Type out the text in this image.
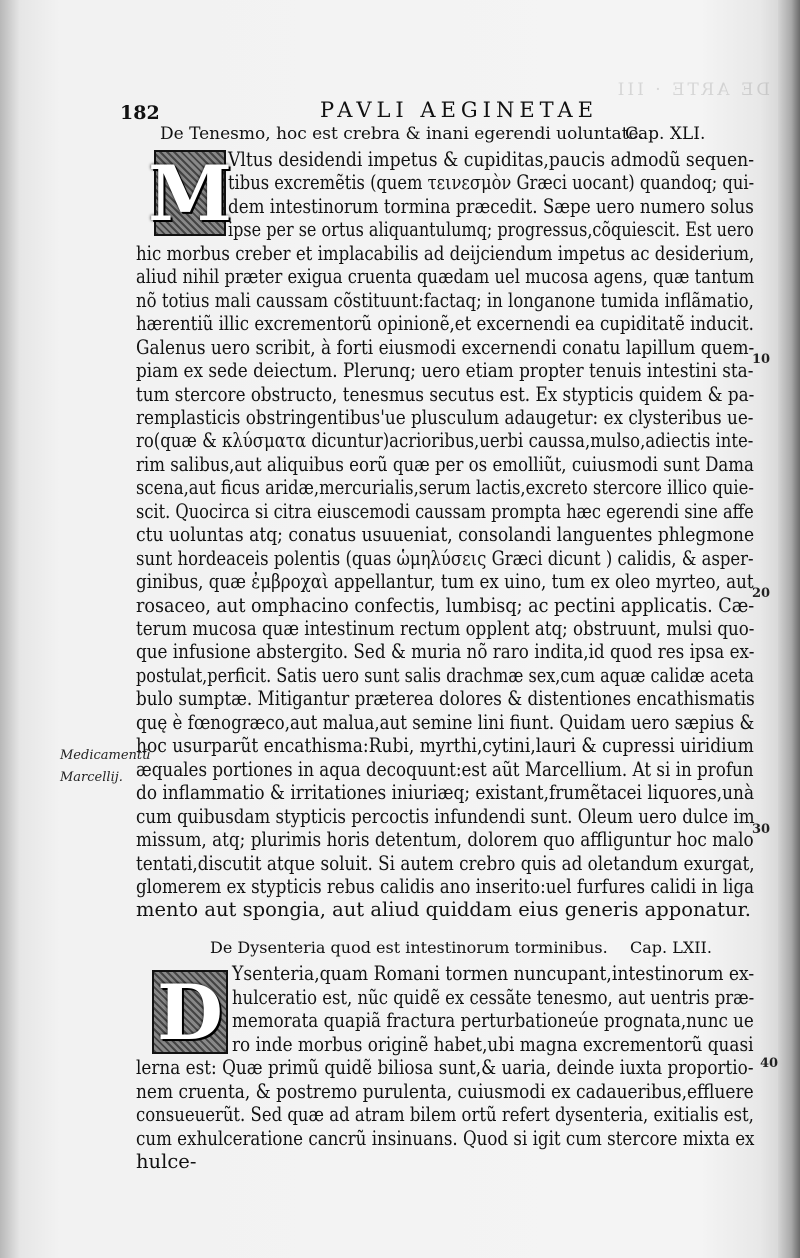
DE ARTE · III
182	PAVLI AEGINETAE
De Tenesmo, hoc est crebra & inani egerendi uoluntate.
Cap. XLI.
M
Vltus desidendi impetus & cupiditas,paucis admodũ sequen-
tibus excremẽtis (quem τεινεσμὸν Græci uocant) quandoq; qui-
dem intestinorum tormina præcedit. Sæpe uero numero solus
ipse per se ortus aliquantulumq; progressus,cõquiescit. Est uero
hic morbus creber et implacabilis ad deijciendum impetus ac desiderium,
aliud nihil præter exigua cruenta quædam uel mucosa agens, quæ tantum
nõ totius mali caussam cõstituunt:factaq; in longanone tumida inflãmatio,
hærentiũ illic excrementorũ opinionẽ,et excernendi ea cupiditatẽ inducit.
Galenus uero scribit, à forti eiusmodi excernendi conatu lapillum quem-
piam ex sede deiectum. Plerunq; uero etiam propter tenuis intestini sta-
tum stercore obstructo, tenesmus secutus est. Ex stypticis quidem & pa-
remplasticis obstringentibus'ue plusculum adaugetur: ex clysteribus ue-
ro(quæ & κλύσματα dicuntur)acrioribus,uerbi caussa,mulso,adiectis inte-
rim salibus,aut aliquibus eorũ quæ per os emolliũt, cuiusmodi sunt Dama
scena,aut ficus aridæ,mercurialis,serum lactis,excreto stercore illico quie-
scit. Quocirca si citra eiuscemodi caussam prompta hæc egerendi sine affe
ctu uoluntas atq; conatus usuueniat, consolandi languentes phlegmone
sunt hordeaceis polentis (quas ὡμηλύσεις Græci dicunt ) calidis, & asper-
ginibus, quæ ἐμβροχαὶ appellantur, tum ex uino, tum ex oleo myrteo, aut
rosaceo, aut omphacino confectis, lumbisq; ac pectini applicatis. Cæ-
terum mucosa quæ intestinum rectum opplent atq; obstruunt, mulsi quo-
que infusione abstergito. Sed & muria nõ raro indita,id quod res ipsa ex-
postulat,perficit. Satis uero sunt salis drachmæ sex,cum aquæ calidæ aceta
bulo sumptæ. Mitigantur præterea dolores & distentiones encathismatis
quę è fœnogræco,aut malua,aut semine lini fiunt. Quidam uero sæpius &
hoc usurparũt encathisma:Rubi, myrthi,cytini,lauri & cupressi uiridium
æquales portiones in aqua decoquunt:est aũt Marcellium. At si in profun
do inflammatio & irritationes iniuriæq; existant,frumẽtacei liquores,unà
cum quibusdam stypticis percoctis infundendi sunt. Oleum uero dulce im
missum, atq; plurimis horis detentum, dolorem quo affliguntur hoc malo
tentati,discutit atque soluit. Si autem crebro quis ad oletandum exurgat,
glomerem ex stypticis rebus calidis ano inserito:uel furfures calidi in liga
mento aut spongia, aut aliud quiddam eius generis apponatur.
Medicamentũ
Marcellij.
10
20
30
40
De Dysenteria quod est intestinorum torminibus. Cap. LXII.
D Ysenteria,quam Romani tormen nuncupant,intestinorum ex-
hulceratio est, nũc quidẽ ex cessãte tenesmo, aut uentris præ-
memorata quapiã fractura perturbationeúe prognata,nunc ue
ro inde morbus originẽ habet,ubi magna excrementorũ quasi
lerna est: Quæ primũ quidẽ biliosa sunt,& uaria, deinde iuxta proportio-
nem cruenta, & postremo purulenta, cuiusmodi ex cadaueribus,effluere
consueuerũt. Sed quæ ad atram bilem ortũ refert dysenteria, exitialis est,
cum exhulceratione cancrũ insinuans. Quod si igit cum stercore mixta ex
hulce-
